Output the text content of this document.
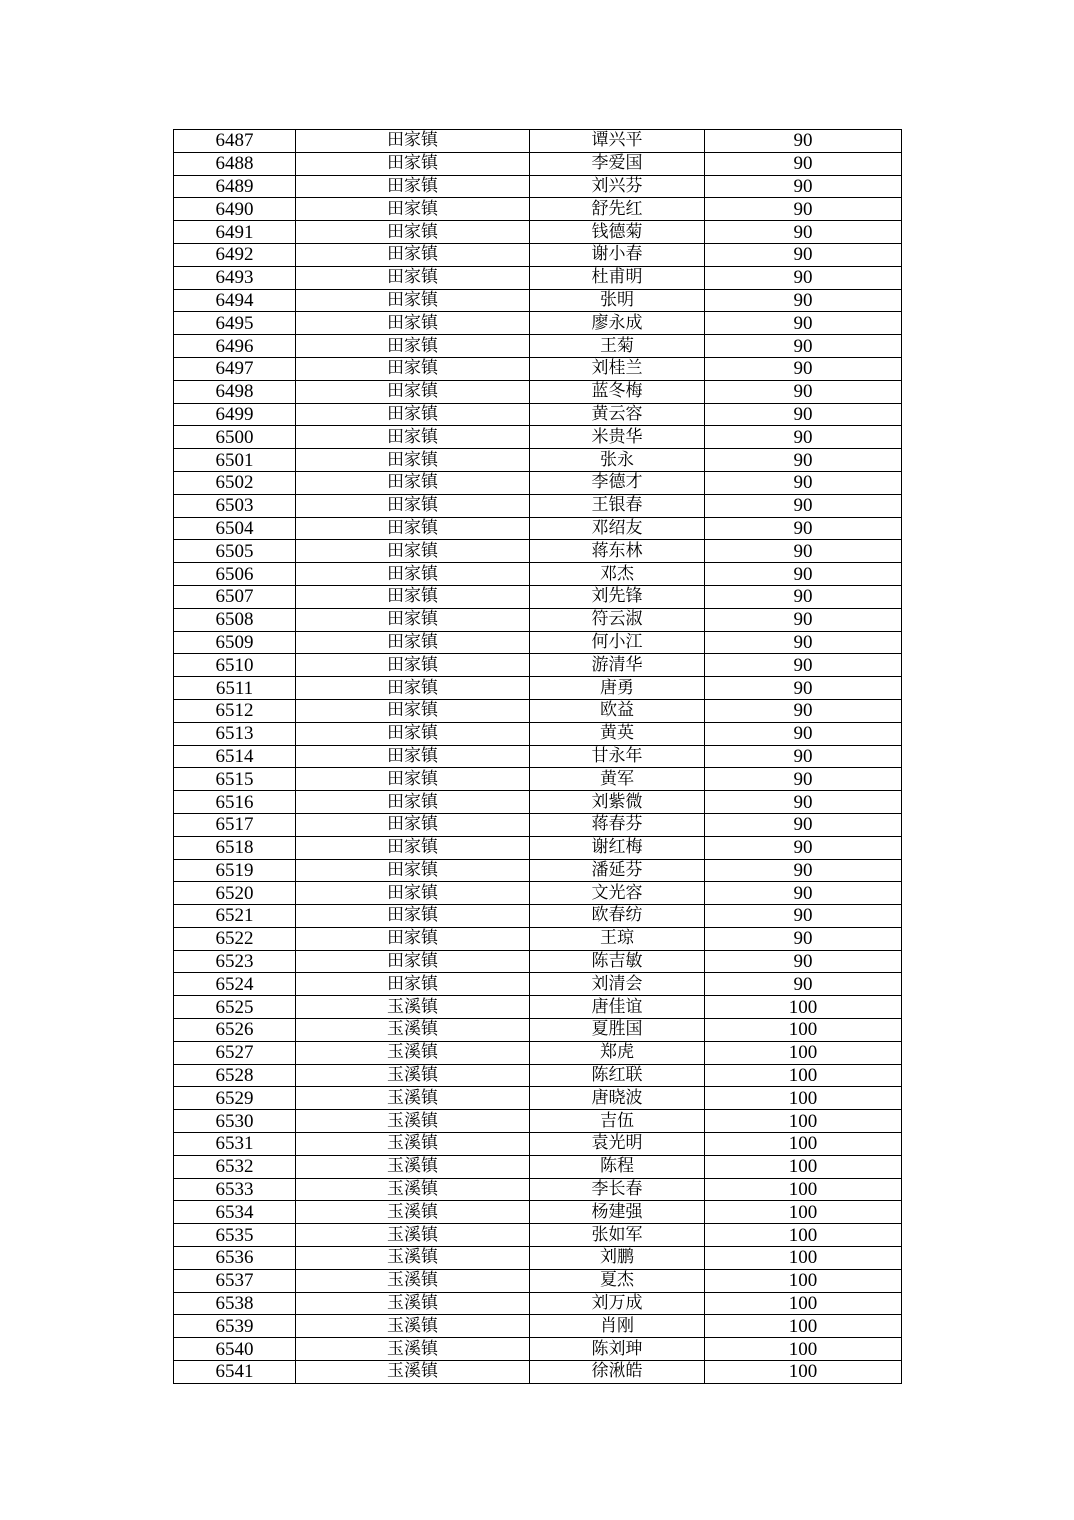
6487	田家镇	谭兴平	90
6488	田家镇	李爱国	90
6489	田家镇	刘兴芬	90
6490	田家镇	舒先红	90
6491	田家镇	钱德菊	90
6492	田家镇	谢小春	90
6493	田家镇	杜甫明	90
6494	田家镇	张明	90
6495	田家镇	廖永成	90
6496	田家镇	王菊	90
6497	田家镇	刘桂兰	90
6498	田家镇	蓝冬梅	90
6499	田家镇	黄云容	90
6500	田家镇	米贵华	90
6501	田家镇	张永	90
6502	田家镇	李德才	90
6503	田家镇	王银春	90
6504	田家镇	邓绍友	90
6505	田家镇	蒋东林	90
6506	田家镇	邓杰	90
6507	田家镇	刘先锋	90
6508	田家镇	符云淑	90
6509	田家镇	何小江	90
6510	田家镇	游清华	90
6511	田家镇	唐勇	90
6512	田家镇	欧益	90
6513	田家镇	黄英	90
6514	田家镇	甘永年	90
6515	田家镇	黄军	90
6516	田家镇	刘紫微	90
6517	田家镇	蒋春芬	90
6518	田家镇	谢红梅	90
6519	田家镇	潘延芬	90
6520	田家镇	文光容	90
6521	田家镇	欧春纺	90
6522	田家镇	王琼	90
6523	田家镇	陈吉敏	90
6524	田家镇	刘清会	90
6525	玉溪镇	唐佳谊	100
6526	玉溪镇	夏胜国	100
6527	玉溪镇	郑虎	100
6528	玉溪镇	陈红联	100
6529	玉溪镇	唐晓波	100
6530	玉溪镇	吉伍	100
6531	玉溪镇	袁光明	100
6532	玉溪镇	陈程	100
6533	玉溪镇	李长春	100
6534	玉溪镇	杨建强	100
6535	玉溪镇	张如军	100
6536	玉溪镇	刘鹏	100
6537	玉溪镇	夏杰	100
6538	玉溪镇	刘万成	100
6539	玉溪镇	肖刚	100
6540	玉溪镇	陈刘珅	100
6541	玉溪镇	徐湫皓	100
